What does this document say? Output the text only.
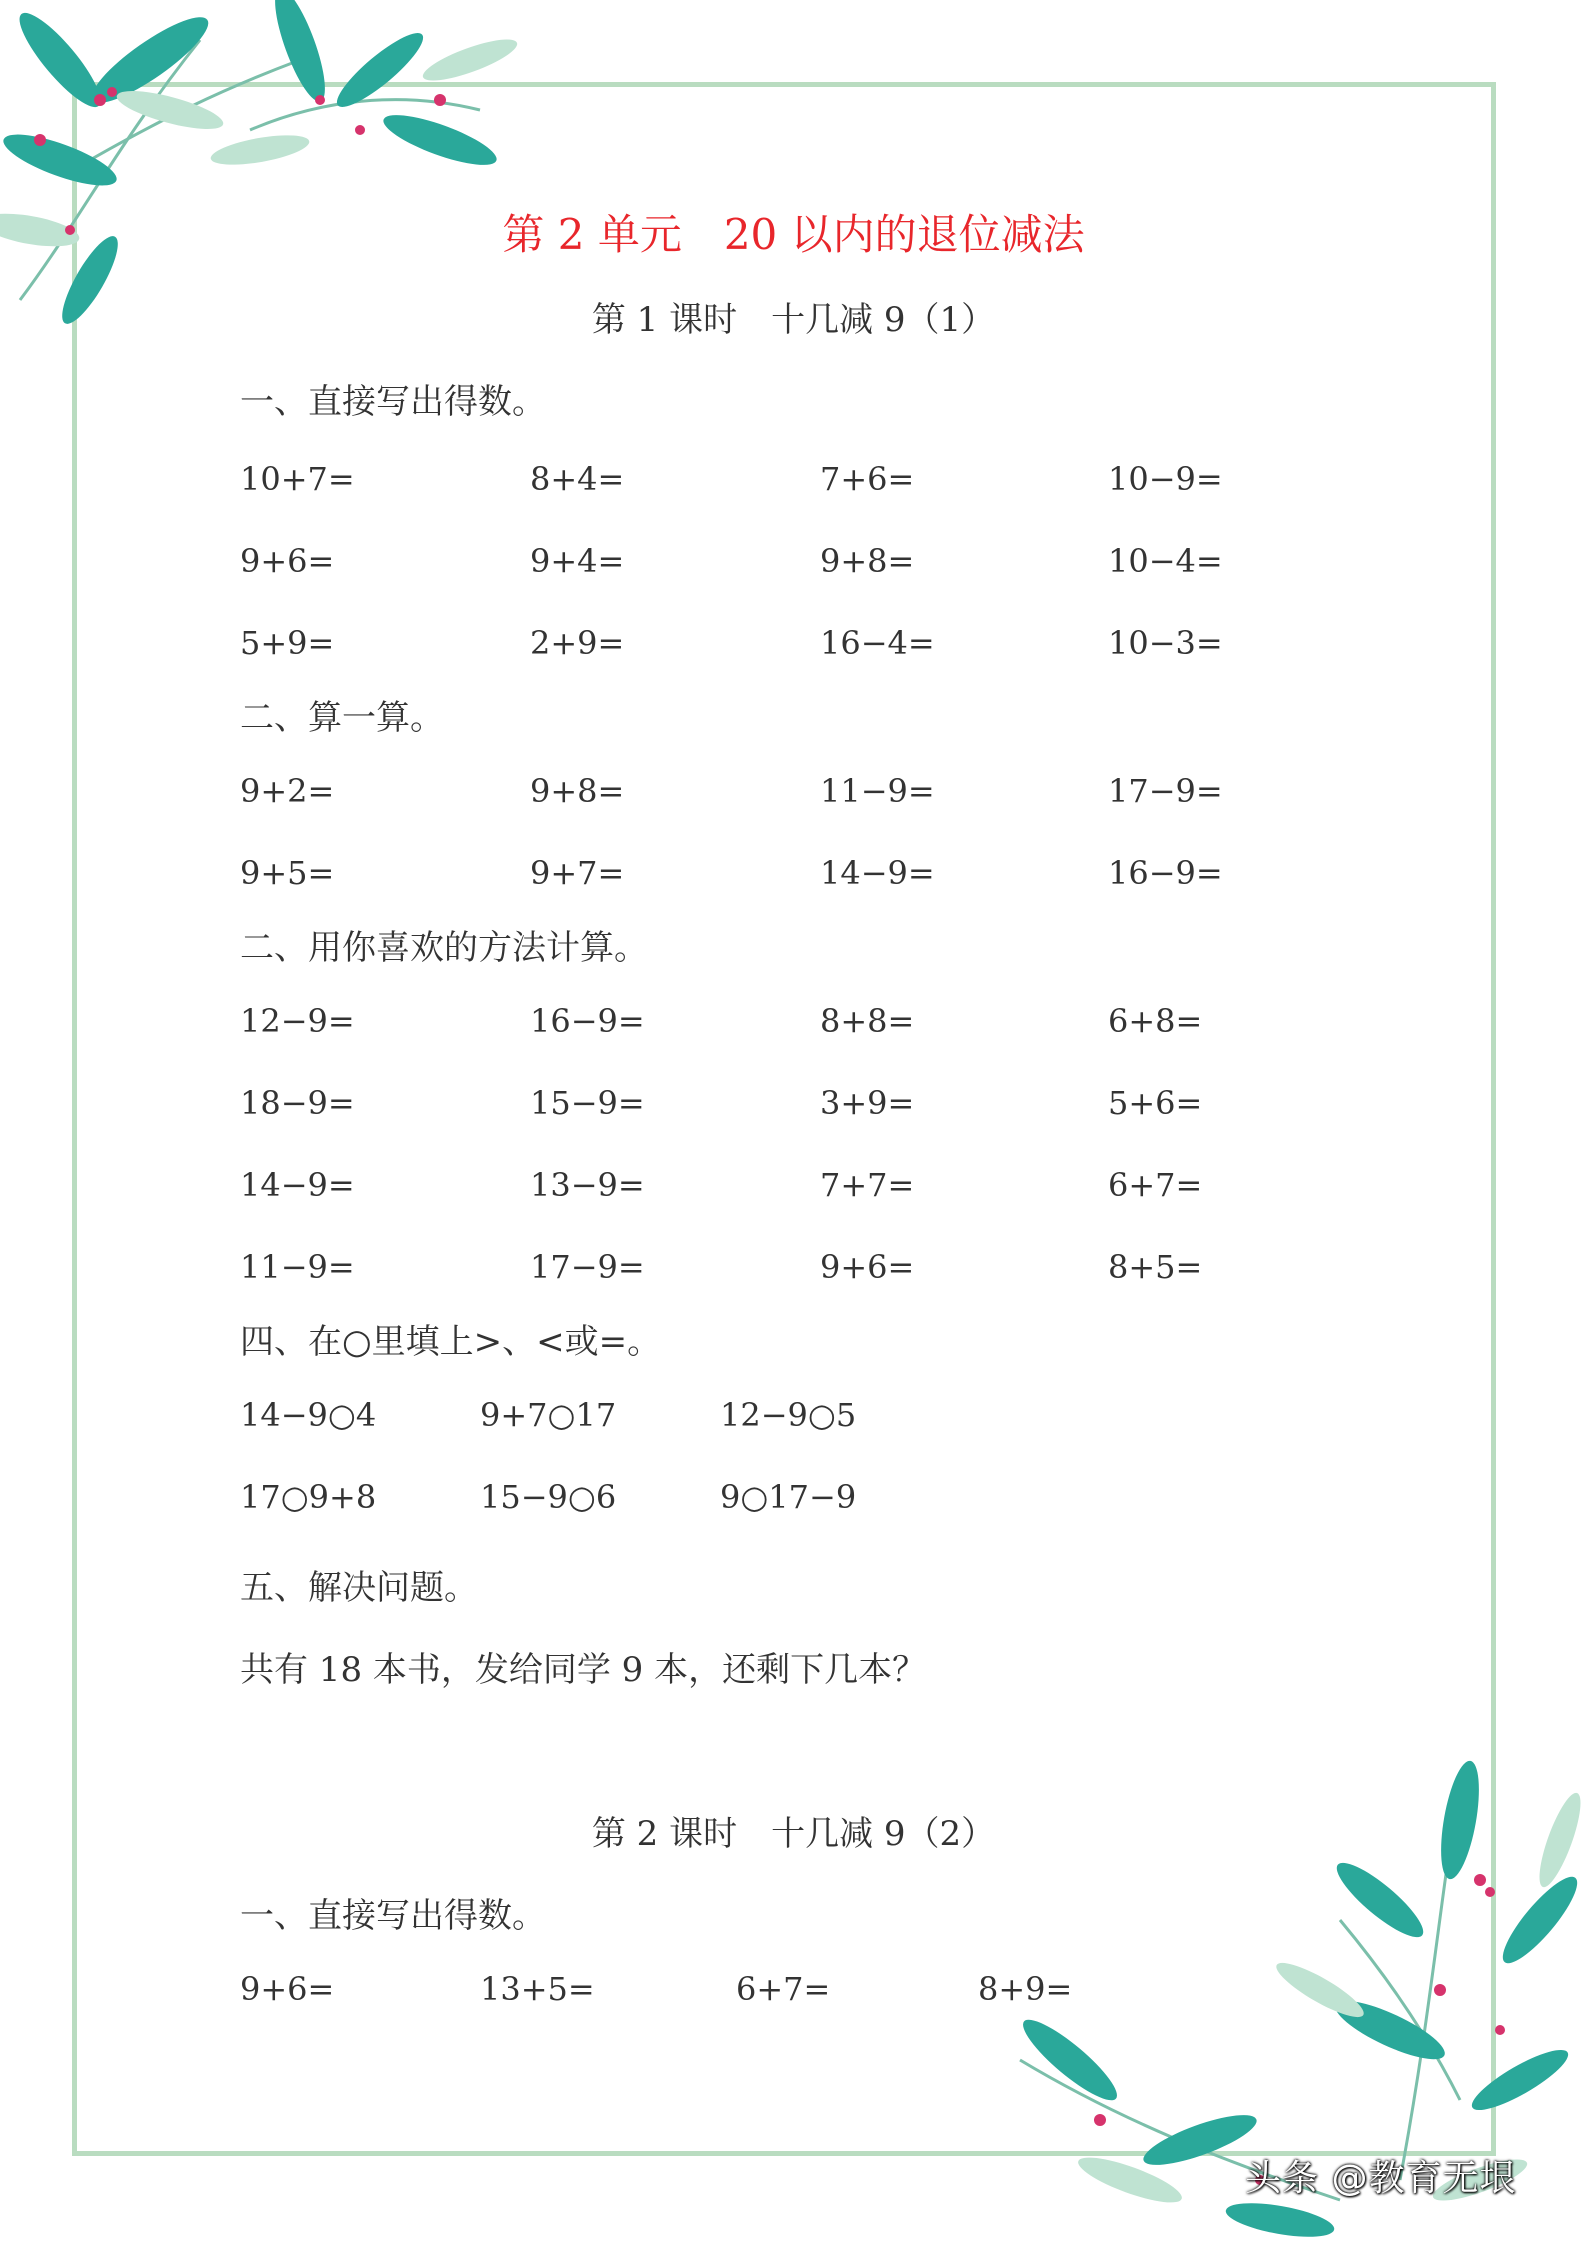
第 2 单元　20 以内的退位减法
第 1 课时　十几减 9（1）
一、直接写出得数。
10+7=	8+4=	7+6=	10−9=
9+6=	9+4=	9+8=	10−4=
5+9=	2+9=	16−4=	10−3=
二、算一算。
9+2=	9+8=	11−9=	17−9=
9+5=	9+7=	14−9=	16−9=
二、用你喜欢的方法计算。
12−9=	16−9=	8+8=	6+8=
18−9=	15−9=	3+9=	5+6=
14−9=	13−9=	7+7=	6+7=
11−9=	17−9=	9+6=	8+5=
四、在○里填上>、<或=。
14−9○4	9+7○17	12−9○5
17○9+8	15−9○6	9○17−9
五、解决问题。
共有 18 本书，发给同学 9 本，还剩下几本？
第 2 课时　十几减 9（2）
一、直接写出得数。
9+6=	13+5=	6+7=	8+9=
头条 @教育无垠
